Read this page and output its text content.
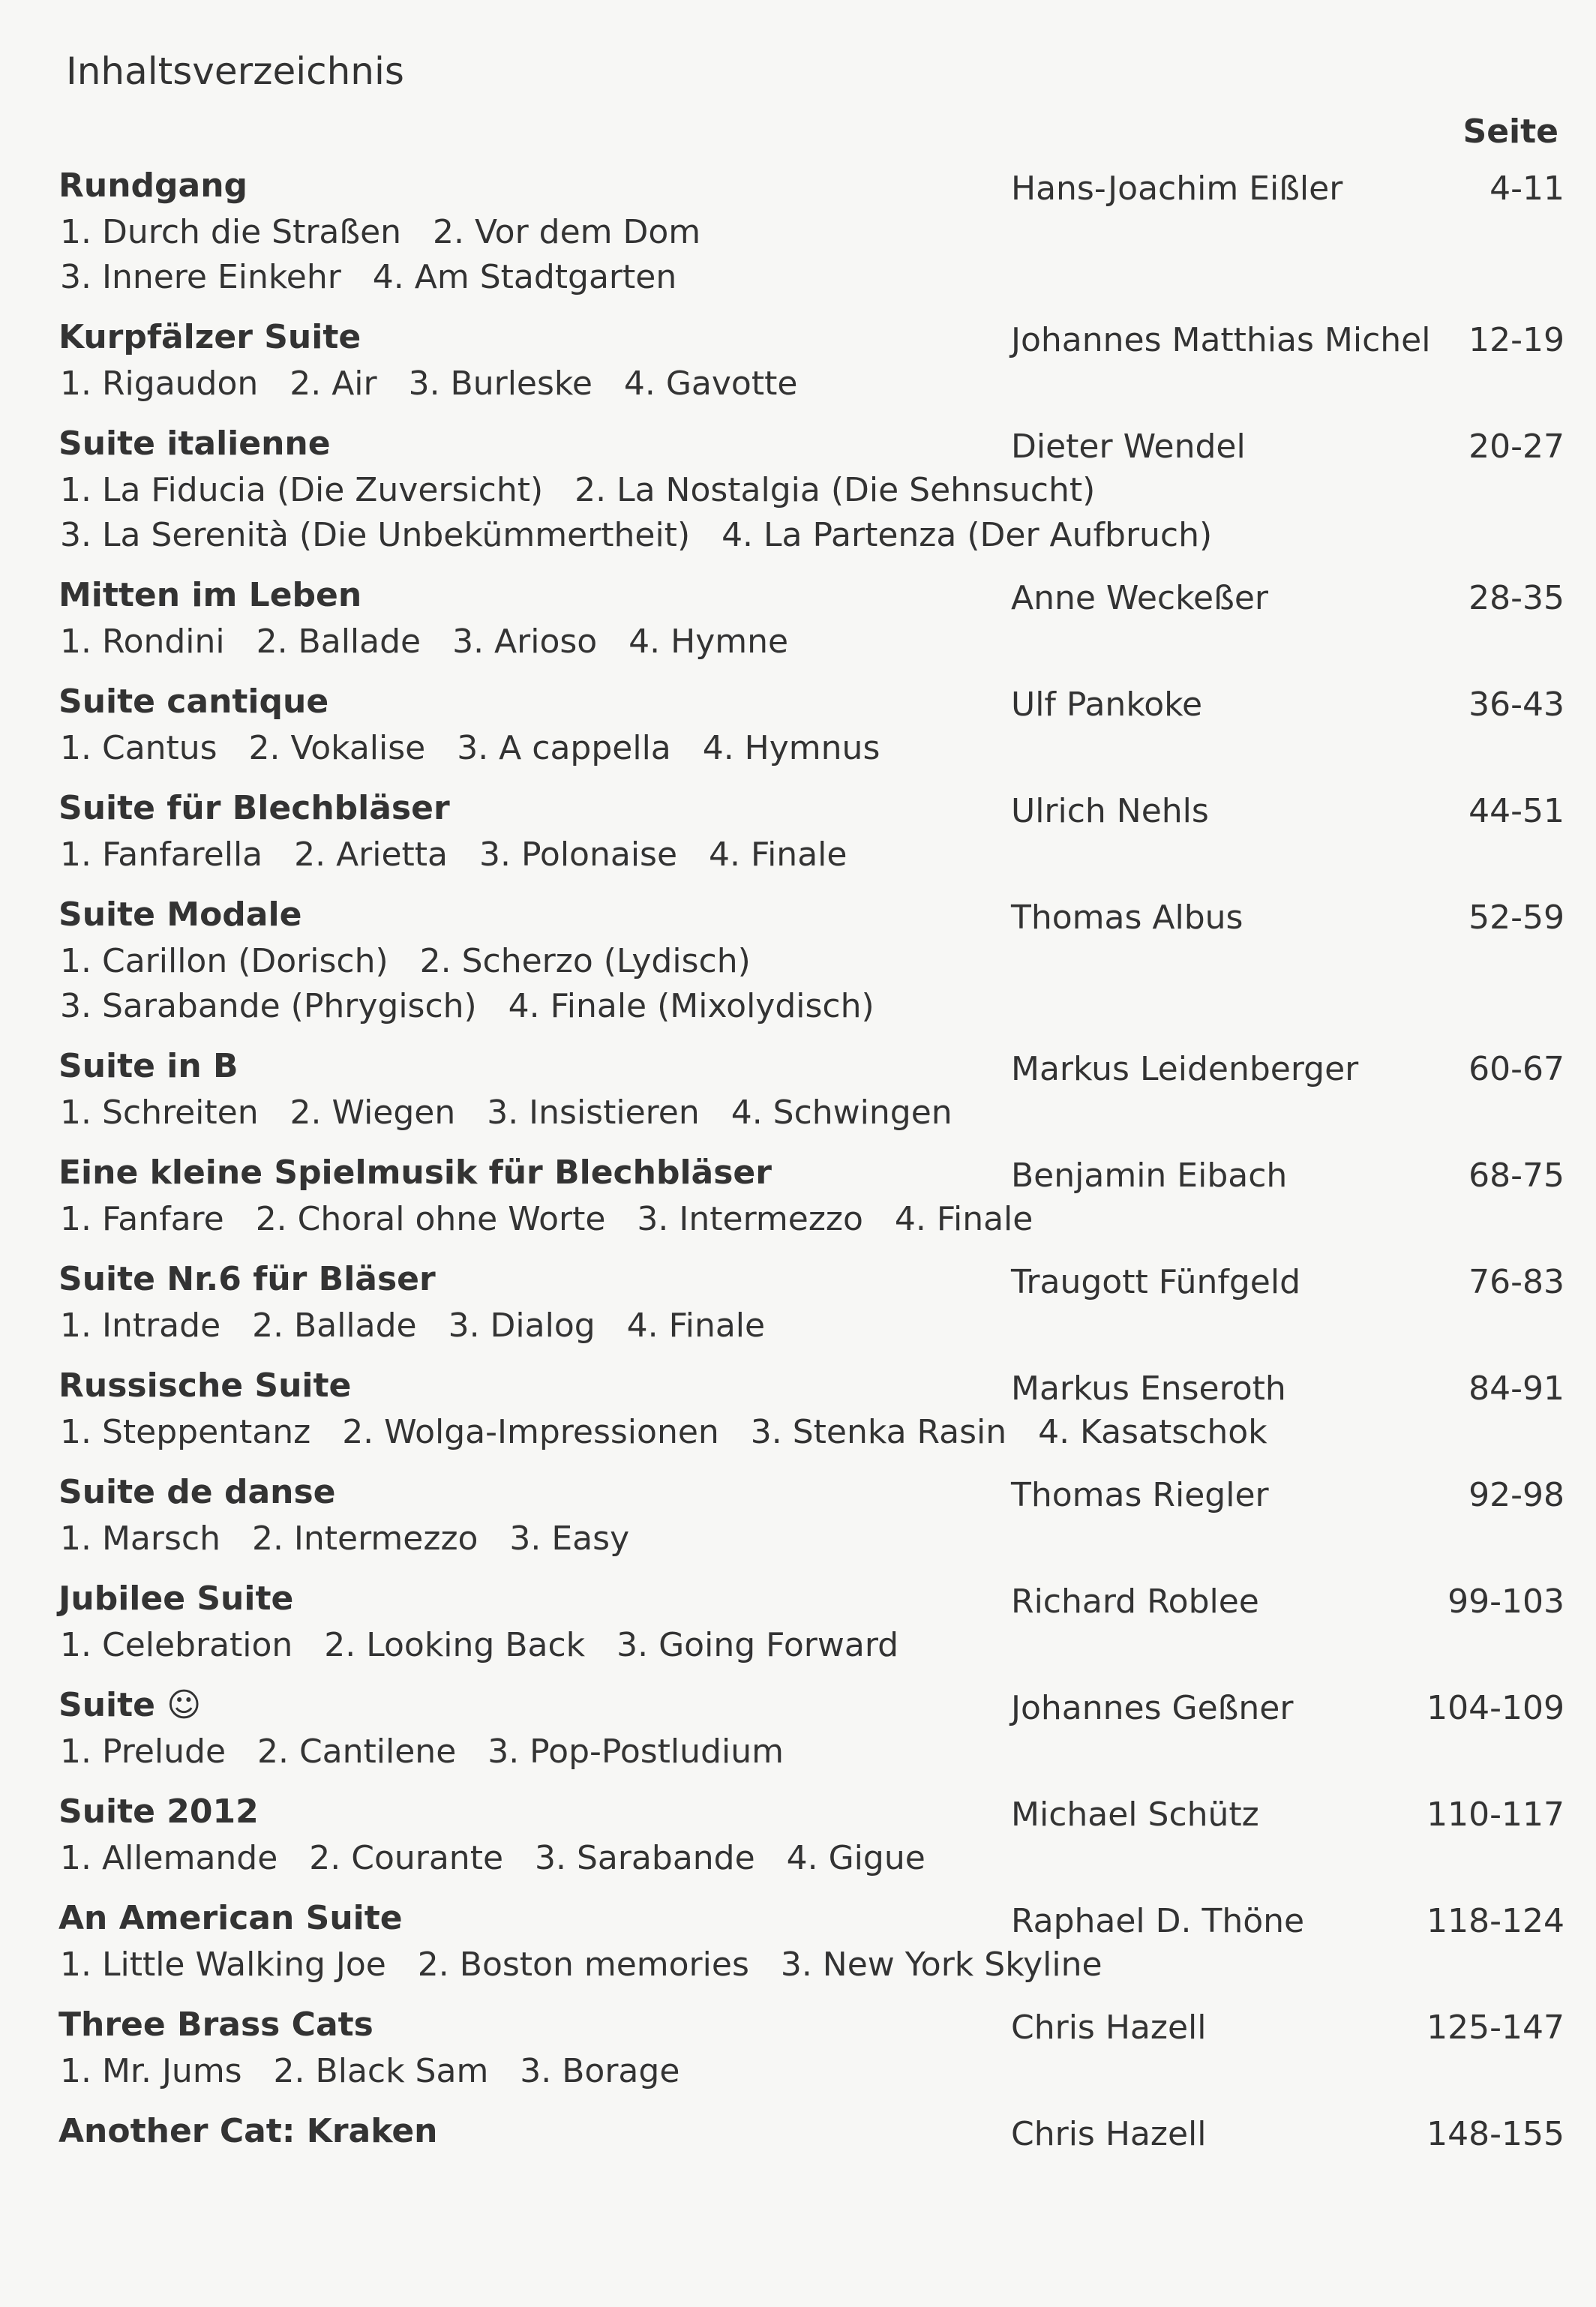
Inhaltsverzeichnis
Seite
Rundgang	Hans-Joachim Eißler	4-11
1. Durch die Straßen   2. Vor dem Dom
3. Innere Einkehr   4. Am Stadtgarten
Kurpfälzer Suite	Johannes Matthias Michel 12-19
1. Rigaudon   2. Air   3. Burleske   4. Gavotte
Suite italienne	Dieter Wendel	20-27
1. La Fiducia (Die Zuversicht)   2. La Nostalgia (Die Sehnsucht)
3. La Serenità (Die Unbekümmertheit)   4. La Partenza (Der Aufbruch)
Mitten im Leben	Anne Weckeßer	28-35
1. Rondini   2. Ballade   3. Arioso   4. Hymne
Suite cantique	Ulf Pankoke	36-43
1. Cantus   2. Vokalise   3. A cappella   4. Hymnus
Suite für Blechbläser	Ulrich Nehls	44-51
1. Fanfarella   2. Arietta   3. Polonaise   4. Finale
Suite Modale	Thomas Albus	52-59
1. Carillon (Dorisch)   2. Scherzo (Lydisch)
3. Sarabande (Phrygisch)   4. Finale (Mixolydisch)
Suite in B	Markus Leidenberger	60-67
1. Schreiten   2. Wiegen   3. Insistieren   4. Schwingen
Eine kleine Spielmusik für Blechbläser	Benjamin Eibach	68-75
1. Fanfare   2. Choral ohne Worte   3. Intermezzo   4. Finale
Suite Nr.6 für Bläser	Traugott Fünfgeld	76-83
1. Intrade   2. Ballade   3. Dialog   4. Finale
Russische Suite	Markus Enseroth	84-91
1. Steppentanz   2. Wolga-Impressionen   3. Stenka Rasin   4. Kasatschok
Suite de danse	Thomas Riegler	92-98
1. Marsch   2. Intermezzo   3. Easy
Jubilee Suite	Richard Roblee	99-103
1. Celebration   2. Looking Back   3. Going Forward
Suite ☺	Johannes Geßner	104-109
1. Prelude   2. Cantilene   3. Pop-Postludium
Suite 2012	Michael Schütz	110-117
1. Allemande   2. Courante   3. Sarabande   4. Gigue
An American Suite	Raphael D. Thöne	118-124
1. Little Walking Joe   2. Boston memories   3. New York Skyline
Three Brass Cats	Chris Hazell	125-147
1. Mr. Jums   2. Black Sam   3. Borage
Another Cat: Kraken	Chris Hazell	148-155
